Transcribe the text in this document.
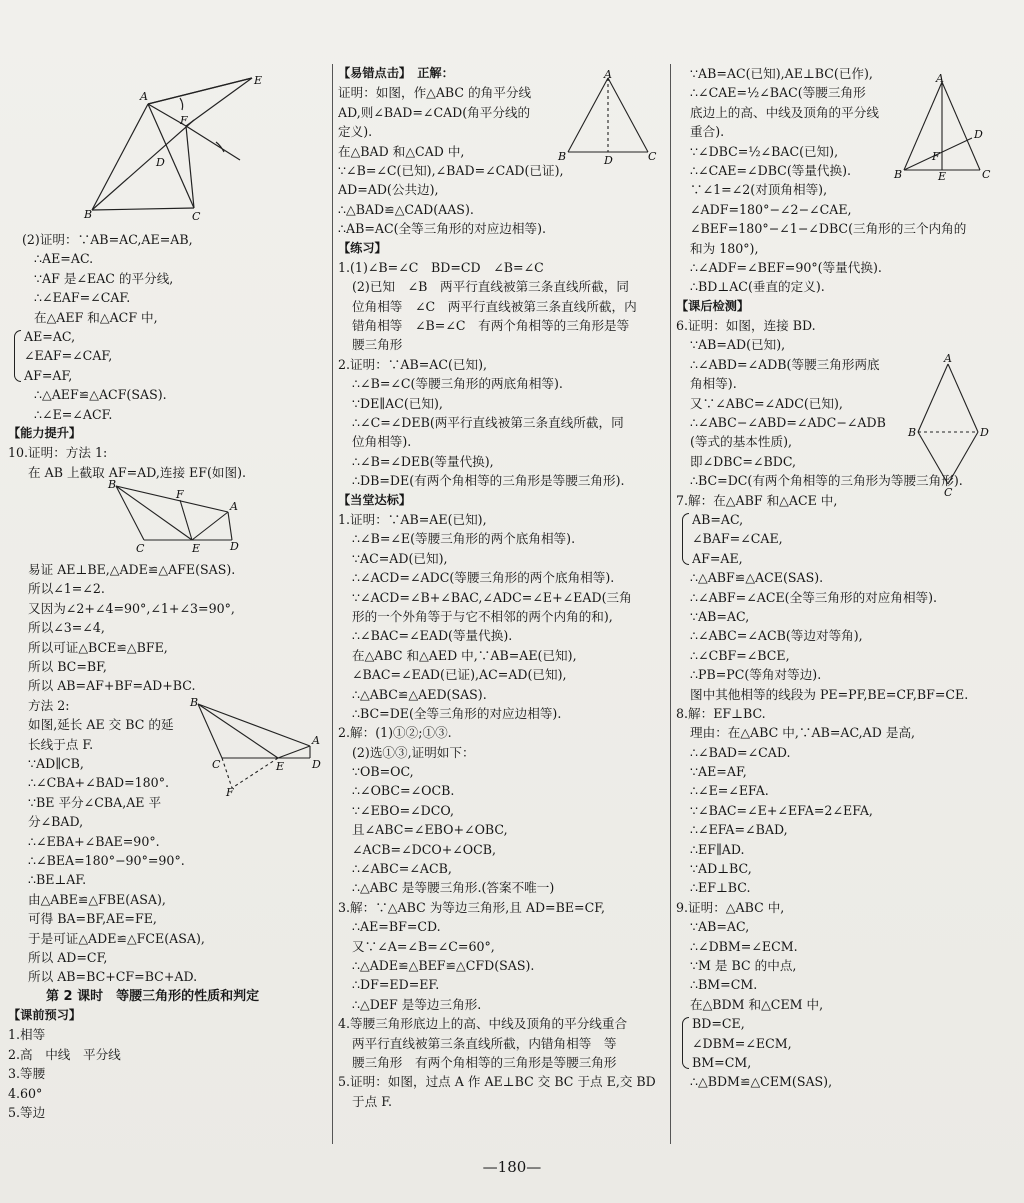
B
A
C
D
E
F
B
A
C	D
E
F
B
A
C	D
E
F
A
B	C
D
A
B	C
D
E
F
A
B
C
D
(2)证明：∵AB=AC,AE=AB,
∴AE=AC.
∵AF 是∠EAC 的平分线,
∴∠EAF=∠CAF.
在△AEF 和△ACF 中,
AE=AC,
∠EAF=∠CAF,
AF=AF,
∴△AEF≌△ACF(SAS).
∴∠E=∠ACF.
【能力提升】
10.证明：方法 1:
在 AB 上截取 AF=AD,连接 EF(如图).
易证 AE⊥BE,△ADE≌△AFE(SAS).
所以∠1=∠2.
又因为∠2+∠4=90°,∠1+∠3=90°,
所以∠3=∠4,
所以可证△BCE≌△BFE,
所以 BC=BF,
所以 AB=AF+BF=AD+BC.
方法 2:
如图,延长 AE 交 BC 的延
长线于点 F.
∵AD∥CB,
∴∠CBA+∠BAD=180°.
∵BE 平分∠CBA,AE 平
分∠BAD,
∴∠EBA+∠BAE=90°.
∴∠BEA=180°−90°=90°.
∴BE⊥AF.
由△ABE≌△FBE(ASA),
可得 BA=BF,AE=FE,
于是可证△ADE≌△FCE(ASA),
所以 AD=CF,
所以 AB=BC+CF=BC+AD.
第 2 课时　等腰三角形的性质和判定
【课前预习】
1.相等
2.高　中线　平分线
3.等腰
4.60°
5.等边
【易错点击】　正解：
证明：如图，作△ABC 的角平分线
AD,则∠BAD=∠CAD(角平分线的
定义).
在△BAD 和△CAD 中,
∵∠B=∠C(已知),∠BAD=∠CAD(已证),
AD=AD(公共边),
∴△BAD≌△CAD(AAS).
∴AB=AC(全等三角形的对应边相等).
【练习】
1.(1)∠B=∠C　BD=CD　∠B=∠C
(2)已知　∠B　两平行直线被第三条直线所截，同
位角相等　∠C　两平行直线被第三条直线所截，内
错角相等　∠B=∠C　有两个角相等的三角形是等
腰三角形
2.证明：∵AB=AC(已知),
∴∠B=∠C(等腰三角形的两底角相等).
∵DE∥AC(已知),
∴∠C=∠DEB(两平行直线被第三条直线所截，同
位角相等).
∴∠B=∠DEB(等量代换),
∴DB=DE(有两个角相等的三角形是等腰三角形).
【当堂达标】
1.证明：∵AB=AE(已知),
∴∠B=∠E(等腰三角形的两个底角相等).
∵AC=AD(已知),
∴∠ACD=∠ADC(等腰三角形的两个底角相等).
∵∠ACD=∠B+∠BAC,∠ADC=∠E+∠EAD(三角
形的一个外角等于与它不相邻的两个内角的和),
∴∠BAC=∠EAD(等量代换).
在△ABC 和△AED 中,∵AB=AE(已知),
∠BAC=∠EAD(已证),AC=AD(已知),
∴△ABC≌△AED(SAS).
∴BC=DE(全等三角形的对应边相等).
2.解：(1)①②;①③.
(2)选①③,证明如下：
∵OB=OC,
∴∠OBC=∠OCB.
∵∠EBO=∠DCO,
且∠ABC=∠EBO+∠OBC,
∠ACB=∠DCO+∠OCB,
∴∠ABC=∠ACB,
∴△ABC 是等腰三角形.(答案不唯一)
3.解：∵△ABC 为等边三角形,且 AD=BE=CF,
∴AE=BF=CD.
又∵∠A=∠B=∠C=60°,
∴△ADE≌△BEF≌△CFD(SAS).
∴DF=ED=EF.
∴△DEF 是等边三角形.
4.等腰三角形底边上的高、中线及顶角的平分线重合
两平行直线被第三条直线所截，内错角相等　等
腰三角形　有两个角相等的三角形是等腰三角形
5.证明：如图，过点 A 作 AE⊥BC 交 BC 于点 E,交 BD
于点 F.
∵AB=AC(已知),AE⊥BC(已作),
∴∠CAE=½∠BAC(等腰三角形
底边上的高、中线及顶角的平分线
重合).
∵∠DBC=½∠BAC(已知),
∴∠CAE=∠DBC(等量代换).
∵∠1=∠2(对顶角相等),
∠ADF=180°−∠2−∠CAE,
∠BEF=180°−∠1−∠DBC(三角形的三个内角的
和为 180°),
∴∠ADF=∠BEF=90°(等量代换).
∴BD⊥AC(垂直的定义).
【课后检测】
6.证明：如图，连接 BD.
∵AB=AD(已知),
∴∠ABD=∠ADB(等腰三角形两底
角相等).
又∵∠ABC=∠ADC(已知),
∴∠ABC−∠ABD=∠ADC−∠ADB
(等式的基本性质),
即∠DBC=∠BDC,
∴BC=DC(有两个角相等的三角形为等腰三角形).
7.解：在△ABF 和△ACE 中,
AB=AC,
∠BAF=∠CAE,
AF=AE,
∴△ABF≌△ACE(SAS).
∴∠ABF=∠ACE(全等三角形的对应角相等).
∵AB=AC,
∴∠ABC=∠ACB(等边对等角),
∴∠CBF=∠BCE,
∴PB=PC(等角对等边).
图中其他相等的线段为 PE=PF,BE=CF,BF=CE.
8.解：EF⊥BC.
理由：在△ABC 中,∵AB=AC,AD 是高,
∴∠BAD=∠CAD.
∵AE=AF,
∴∠E=∠EFA.
∵∠BAC=∠E+∠EFA=2∠EFA,
∴∠EFA=∠BAD,
∴EF∥AD.
∵AD⊥BC,
∴EF⊥BC.
9.证明：△ABC 中,
∵AB=AC,
∴∠DBM=∠ECM.
∵M 是 BC 的中点,
∴BM=CM.
在△BDM 和△CEM 中,
BD=CE,
∠DBM=∠ECM,
BM=CM,
∴△BDM≌△CEM(SAS),
—180—
